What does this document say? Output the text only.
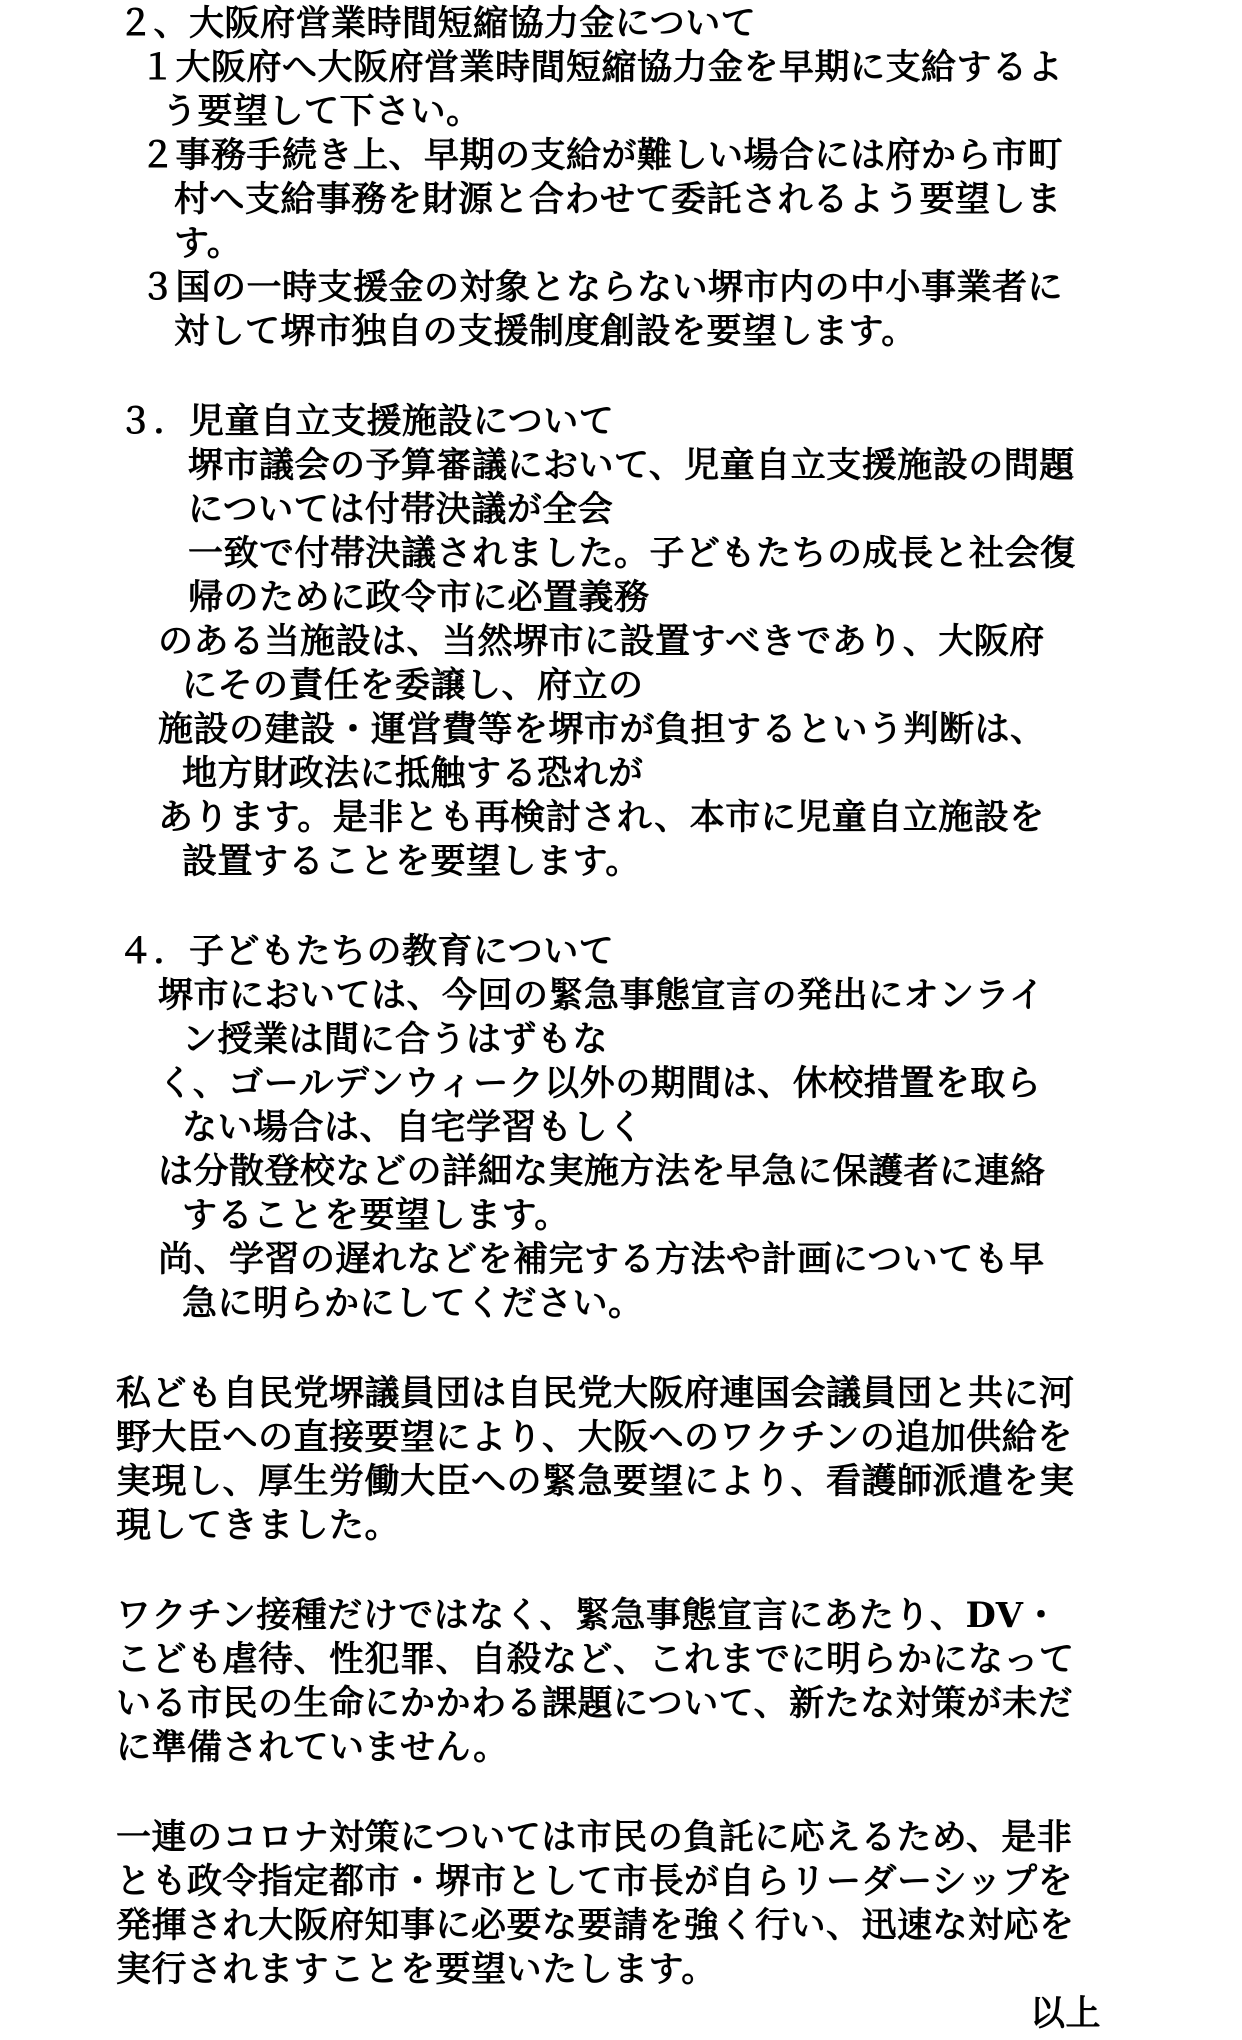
２、大阪府営業時間短縮協力金について
１大阪府へ大阪府営業時間短縮協力金を早期に支給するよ
う要望して下さい。
２事務手続き上、早期の支給が難しい場合には府から市町
村へ支給事務を財源と合わせて委託されるよう要望しま
す。
３国の一時支援金の対象とならない堺市内の中小事業者に
対して堺市独自の支援制度創設を要望します。
３．児童自立支援施設について
堺市議会の予算審議において、児童自立支援施設の問題
については付帯決議が全会
一致で付帯決議されました。子どもたちの成長と社会復
帰のために政令市に必置義務
のある当施設は、当然堺市に設置すべきであり、大阪府
にその責任を委譲し、府立の
施設の建設・運営費等を堺市が負担するという判断は、
地方財政法に抵触する恐れが
あります。是非とも再検討され、本市に児童自立施設を
設置することを要望します。
４．子どもたちの教育について
堺市においては、今回の緊急事態宣言の発出にオンライ
ン授業は間に合うはずもな
く、ゴールデンウィーク以外の期間は、休校措置を取ら
ない場合は、自宅学習もしく
は分散登校などの詳細な実施方法を早急に保護者に連絡
することを要望します。
尚、学習の遅れなどを補完する方法や計画についても早
急に明らかにしてください。
私ども自民党堺議員団は自民党大阪府連国会議員団と共に河
野大臣への直接要望により、大阪へのワクチンの追加供給を
実現し、厚生労働大臣への緊急要望により、看護師派遣を実
現してきました。
ワクチン接種だけではなく、緊急事態宣言にあたり、DV・
こども虐待、性犯罪、自殺など、これまでに明らかになって
いる市民の生命にかかわる課題について、新たな対策が未だ
に準備されていません。
一連のコロナ対策については市民の負託に応えるため、是非
とも政令指定都市・堺市として市長が自らリーダーシップを
発揮され大阪府知事に必要な要請を強く行い、迅速な対応を
実行されますことを要望いたします。
以上
